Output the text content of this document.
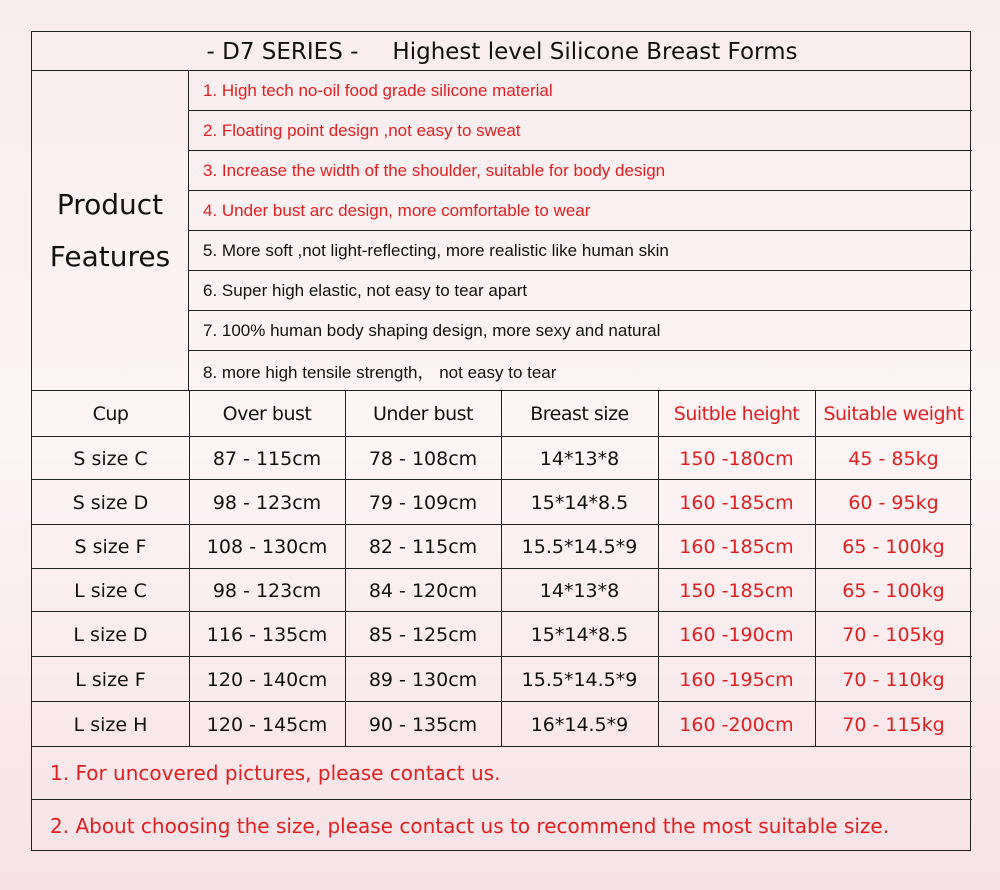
- D7 SERIES - Highest level Silicone Breast Forms
Product
Features
1. High tech no-oil food grade silicone material
2. Floating point design ,not easy to sweat
3. Increase the width of the shoulder, suitable for body design
4. Under bust arc design, more comfortable to wear
5. More soft ,not light-reflecting, more realistic like human skin
6. Super high elastic, not easy to tear apart
7. 100% human body shaping design, more sexy and natural
8. more high tensile strength， not easy to tear
Cup	Over bust	Under bust	Breast size	Suitble height	Suitable weight
S size C	87 - 115cm	78 - 108cm	14*13*8	150 -180cm	45 - 85kg
S size D	98 - 123cm	79 - 109cm	15*14*8.5	160 -185cm	60 - 95kg
S size F	108 - 130cm	82 - 115cm	15.5*14.5*9	160 -185cm	65 - 100kg
L size C	98 - 123cm	84 - 120cm	14*13*8	150 -185cm	65 - 100kg
L size D	116 - 135cm	85 - 125cm	15*14*8.5	160 -190cm	70 - 105kg
L size F	120 - 140cm	89 - 130cm	15.5*14.5*9	160 -195cm	70 - 110kg
L size H	120 - 145cm	90 - 135cm	16*14.5*9	160 -200cm	70 - 115kg
1. For uncovered pictures, please contact us.
2. About choosing the size, please contact us to recommend the most suitable size.
